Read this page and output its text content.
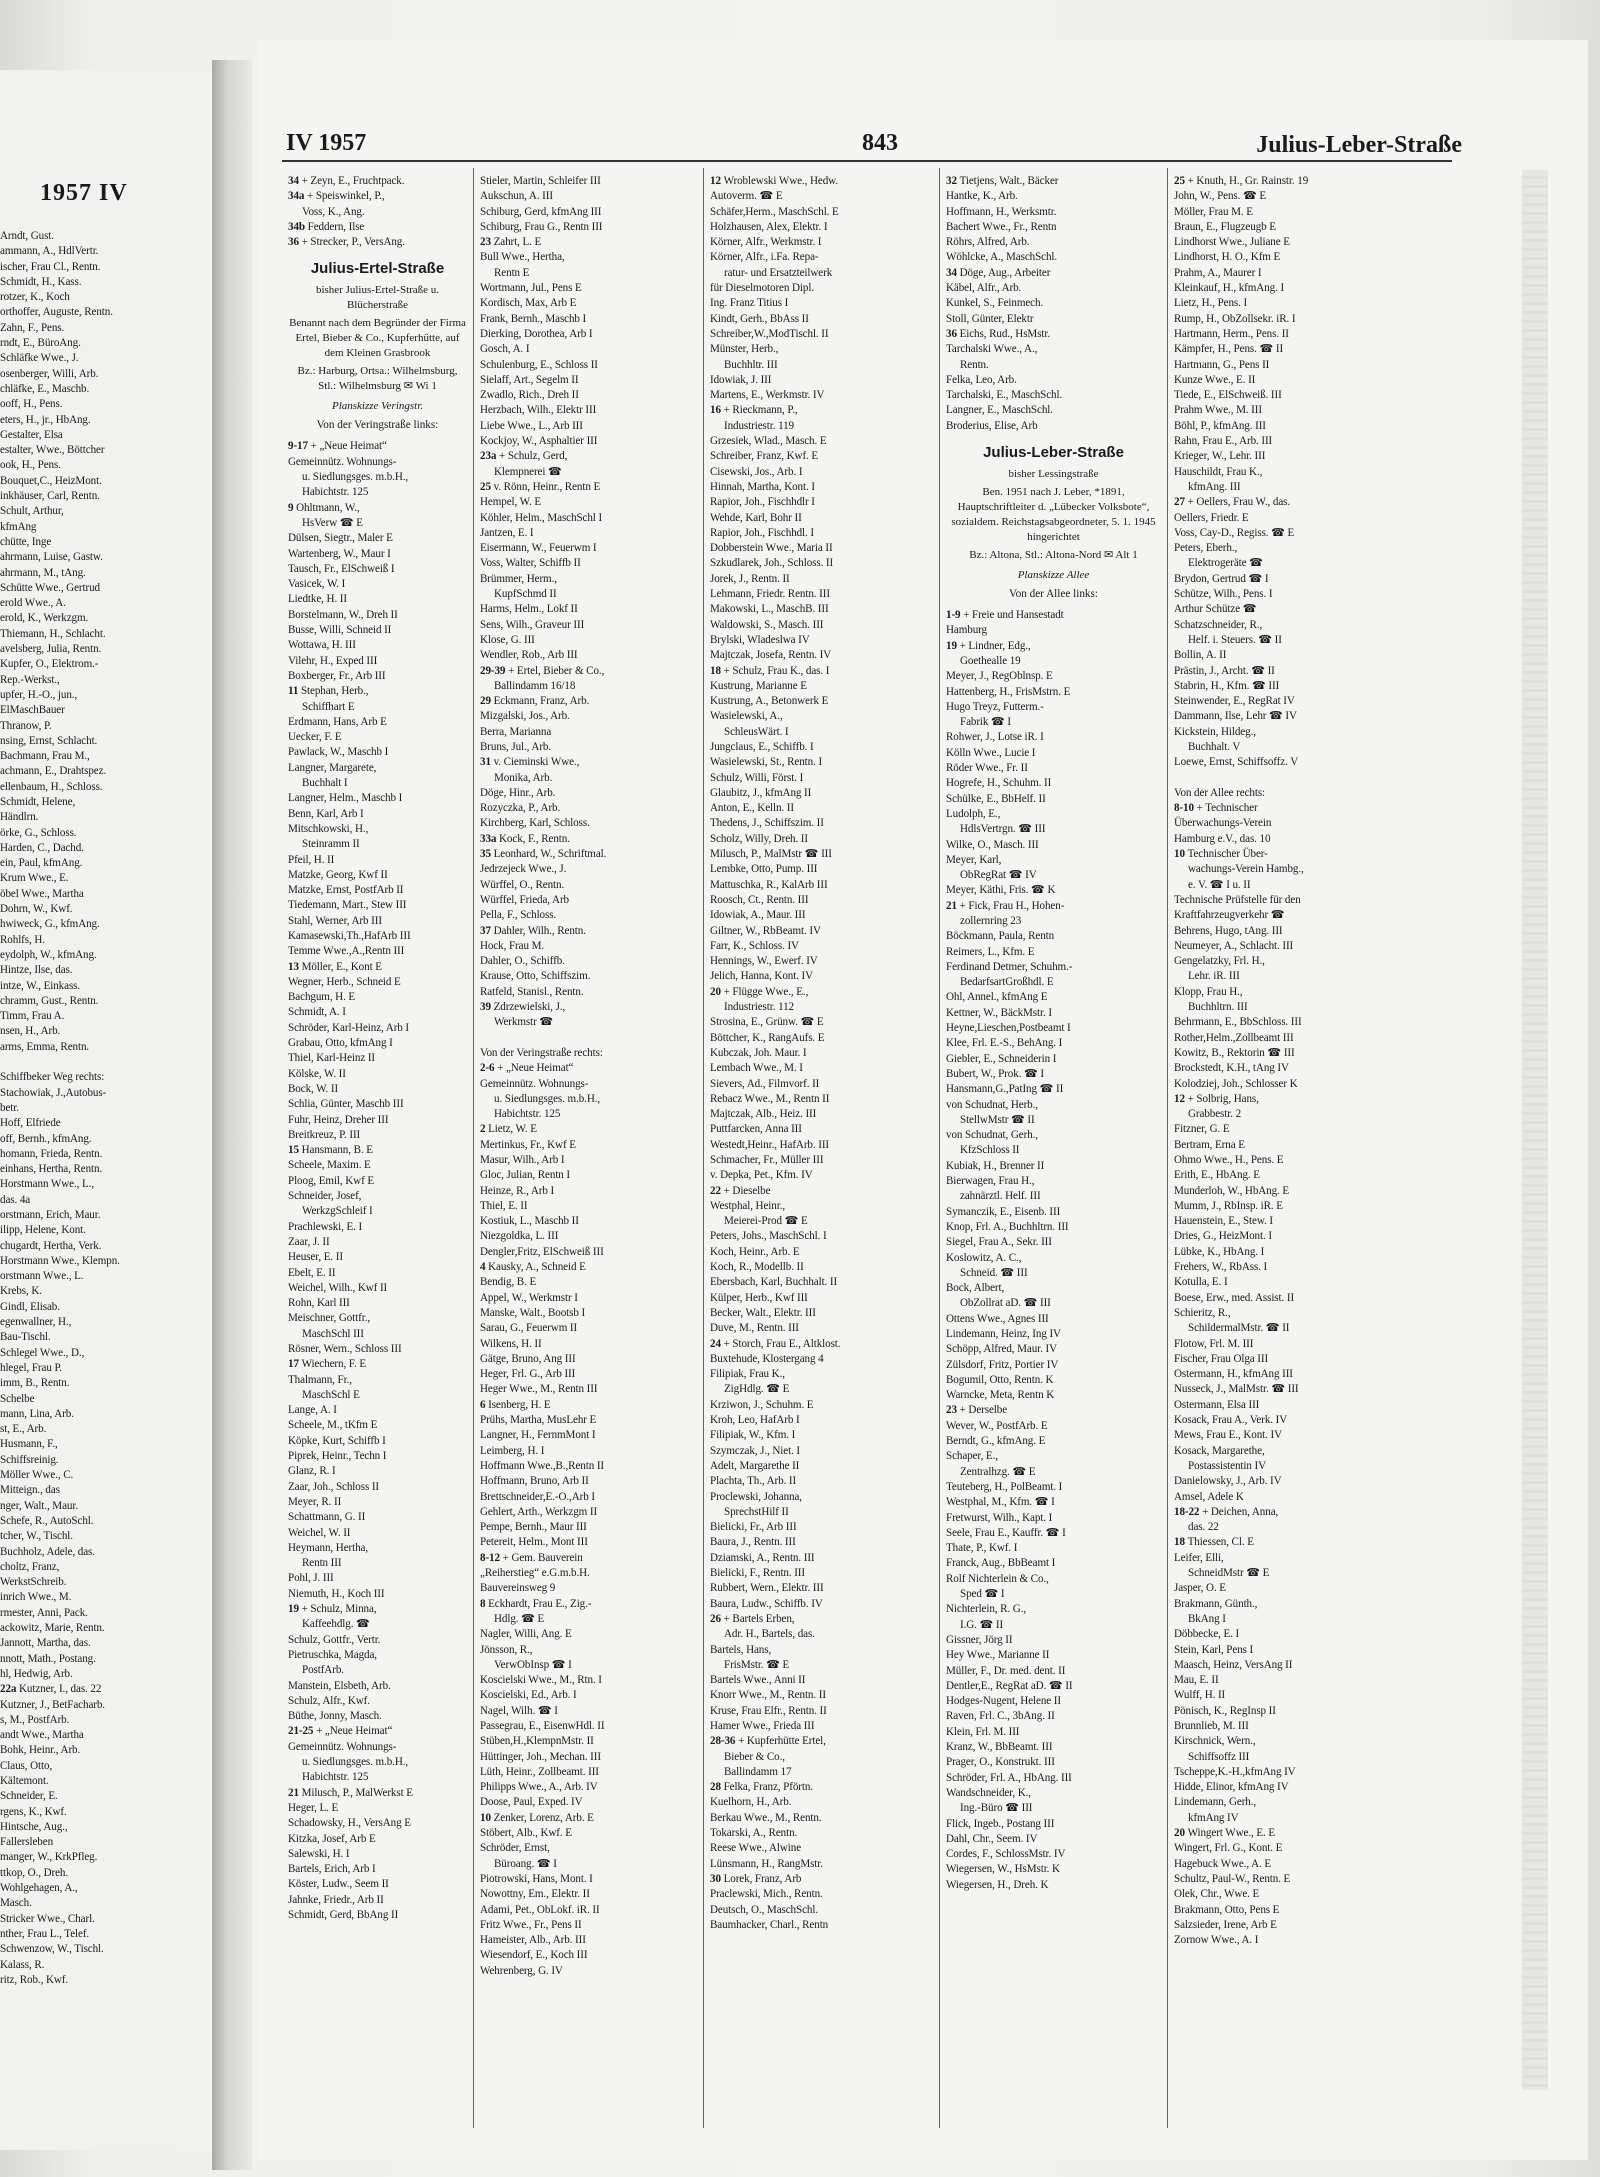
1957 IV
Arndt, Gust.
ammann, A., HdlVertr.
ischer, Frau Cl., Rentn.
Schmidt, H., Kass.
rotzer, K., Koch
orthoffer, Auguste, Rentn.
Zahn, F., Pens.
rndt, E., BüroAng.
Schläfke Wwe., J.
osenberger, Willi, Arb.
chläfke, E., Maschb.
ooff, H., Pens.
eters, H., jr., HbAng.
Gestalter, Elsa
estalter, Wwe., Böttcher
ook, H., Pens.
Bouquet,C., HeizMont.
inkhäuser, Carl, Rentn.
Schult, Arthur,
kfmAng
chütte, Inge
ahrmann, Luise, Gastw.
ahrmann, M., tAng.
Schütte Wwe., Gertrud
erold Wwe., A.
erold, K., Werkzgm.
Thiemann, H., Schlacht.
avelsberg, Julia, Rentn.
Kupfer, O., Elektrom.-
Rep.-Werkst.,
upfer, H.-O., jun.,
ElMaschBauer
Thranow, P.
nsing, Ernst, Schlacht.
Bachmann, Frau M.,
achmann, E., Drahtspez.
ellenbaum, H., Schloss.
Schmidt, Helene,
Händlrn.
örke, G., Schloss.
Harden, C., Dachd.
ein, Paul, kfmAng.
Krum Wwe., E.
öbel Wwe., Martha
Dohrn, W., Kwf.
hwiweck, G., kfmAng.
Rohlfs, H.
eydolph, W., kfmAng.
Hintze, Ilse, das.
intze, W., Einkass.
chramm, Gust., Rentn.
Timm, Frau A.
nsen, H., Arb.
arms, Emma, Rentn.

Schiffbeker Weg rechts:
Stachowiak, J.,Autobus-
betr.
Hoff, Elfriede
off, Bernh., kfmAng.
homann, Frieda, Rentn.
einhans, Hertha, Rentn.
Horstmann Wwe., L.,
das. 4a
orstmann, Erich, Maur.
ilipp, Helene, Kont.
chugardt, Hertha, Verk.
Horstmann Wwe., Klempn.
orstmann Wwe., L.
Krebs, K.
Gindl, Elisab.
egenwallner, H.,
Bau-Tischl.
Schlegel Wwe., D.,
hlegel, Frau P.
imm, B., Rentn.
Schelbe
mann, Lina, Arb.
st, E., Arb.
Husmann, F.,
Schiffsreinig.
Möller Wwe., C.
Mitteign., das
nger, Walt., Maur.
Schefe, R., AutoSchl.
tcher, W., Tischl.
Buchholz, Adele, das.
choltz, Franz,
WerkstSchreib.
inrich Wwe., M.
rmester, Anni, Pack.
ackowitz, Marie, Rentn.
Jannott, Martha, das.
nnott, Math., Postang.
hl, Hedwig, Arb.
22a Kutzner, I., das. 22
Kutzner, J., BetFacharb.
s, M., PostfArb.
andt Wwe., Martha
Bohk, Heinr., Arb.
Claus, Otto,
Kältemont.
Schneider, E.
rgens, K., Kwf.
Hintsche, Aug.,
Fallersleben
manger, W., KrkPfleg.
ttkop, O., Dreh.
Wohlgehagen, A.,
Masch.
Stricker Wwe., Charl.
nther, Frau L., Telef.
Schwenzow, W., Tischl.
Kalass, R.
ritz, Rob., Kwf.
IV 1957	843	Julius-Leber-Straße
34 + Zeyn, E., Fruchtpack.
34a + Speiswinkel, P.,
Voss, K., Ang.
34b Feddern, Ilse
36 + Strecker, P., VersAng.
Julius-Ertel-Straße
bisher Julius-Ertel-Straße u. Blücherstraße
Benannt nach dem Begründer der Firma Ertel, Bieber & Co., Kupferhütte, auf dem Kleinen Grasbrook
Bz.: Harburg, Ortsa.: Wilhelmsburg, Stl.: Wilhelmsburg ✉ Wi 1
Planskizze Veringstr.
Von der Veringstraße links:
9-17 + „Neue Heimat“
Gemeinnütz. Wohnungs-
u. Siedlungsges. m.b.H.,
Habichtstr. 125
9 Ohltmann, W.,
HsVerw ☎ E
Dülsen, Siegtr., Maler E
Wartenberg, W., Maur I
Tausch, Fr., ElSchweiß I
Vasicek, W. I
Liedtke, H. II
Borstelmann, W., Dreh II
Busse, Willi, Schneid II
Wottawa, H. III
Vilehr, H., Exped III
Boxberger, Fr., Arb III
11 Stephan, Herb.,
Schiffhart E
Erdmann, Hans, Arb E
Uecker, F. E
Pawlack, W., Maschb I
Langner, Margarete,
Buchhalt I
Langner, Helm., Maschb I
Benn, Karl, Arb I
Mitschkowski, H.,
Steinramm II
Pfeil, H. II
Matzke, Georg, Kwf II
Matzke, Ernst, PostfArb II
Tiedemann, Mart., Stew III
Stahl, Werner, Arb III
Kamasewski,Th.,HafArb III
Temme Wwe.,A.,Rentn III
13 Möller, E., Kont E
Wegner, Herb., Schneid E
Bachgum, H. E
Schmidt, A. I
Schröder, Karl-Heinz, Arb I
Grabau, Otto, kfmAng I
Thiel, Karl-Heinz II
Kölske, W. II
Bock, W. II
Schlia, Günter, Maschb III
Fuhr, Heinz, Dreher III
Breitkreuz, P. III
15 Hansmann, B. E
Scheele, Maxim. E
Ploog, Emil, Kwf E
Schneider, Josef,
WerkzgSchleif I
Prachlewski, E. I
Zaar, J. II
Heuser, E. II
Ebelt, E. II
Weichel, Wilh., Kwf II
Rohn, Karl III
Meischner, Gottfr.,
MaschSchl III
Rösner, Wern., Schloss III
17 Wiechern, F. E
Thalmann, Fr.,
MaschSchl E
Lange, A. I
Scheele, M., tKfm E
Köpke, Kurt, Schiffb I
Piprek, Heinr., Techn I
Glanz, R. I
Zaar, Joh., Schloss II
Meyer, R. II
Schattmann, G. II
Weichel, W. II
Heymann, Hertha,
Rentn III
Pohl, J. III
Niemuth, H., Koch III
19 + Schulz, Minna,
Kaffeehdlg. ☎
Schulz, Gottfr., Vertr.
Pietruschka, Magda,
PostfArb.
Manstein, Elsbeth, Arb.
Schulz, Alfr., Kwf.
Büthe, Jonny, Masch.
21-25 + „Neue Heimat“
Gemeinnütz. Wohnungs-
u. Siedlungsges. m.b.H.,
Habichtstr. 125
21 Milusch, P., MalWerkst E
Heger, L. E
Schadowsky, H., VersAng E
Kitzka, Josef, Arb E
Salewski, H. I
Bartels, Erich, Arb I
Köster, Ludw., Seem II
Jahnke, Friedr., Arb II
Schmidt, Gerd, BbAng II
Stieler, Martin, Schleifer III
Aukschun, A. III
Schiburg, Gerd, kfmAng III
Schiburg, Frau G., Rentn III
23 Zahrt, L. E
Bull Wwe., Hertha,
Rentn E
Wortmann, Jul., Pens E
Kordisch, Max, Arb E
Frank, Bernh., Maschb I
Dierking, Dorothea, Arb I
Gosch, A. I
Schulenburg, E., Schloss II
Sielaff, Art., Segelm II
Zwadlo, Rich., Dreh II
Herzbach, Wilh., Elektr III
Liebe Wwe., L., Arb III
Kockjoy, W., Asphaltier III
23a + Schulz, Gerd,
Klempnerei ☎
25 v. Rönn, Heinr., Rentn E
Hempel, W. E
Köhler, Helm., MaschSchl I
Jantzen, E. I
Eisermann, W., Feuerwm I
Voss, Walter, Schiffb II
Brümmer, Herm.,
KupfSchmd II
Harms, Helm., Lokf II
Sens, Wilh., Graveur III
Klose, G. III
Wendler, Rob., Arb III
29-39 + Ertel, Bieber & Co.,
Ballindamm 16/18
29 Eckmann, Franz, Arb.
Mizgalski, Jos., Arb.
Berra, Marianna
Bruns, Jul., Arb.
31 v. Cieminski Wwe.,
Monika, Arb.
Döge, Hinr., Arb.
Rozyczka, P., Arb.
Kirchberg, Karl, Schloss.
33a Kock, F., Rentn.
35 Leonhard, W., Schriftmal.
Jedrzejeck Wwe., J.
Würffel, O., Rentn.
Würffel, Frieda, Arb
Pella, F., Schloss.
37 Dahler, Wilh., Rentn.
Hock, Frau M.
Dahler, O., Schiffb.
Krause, Otto, Schiffszim.
Ratfeld, Stanisl., Rentn.
39 Zdrzewielski, J.,
Werkmstr ☎

Von der Veringstraße rechts:
2-6 + „Neue Heimat“
Gemeinnütz. Wohnungs-
u. Siedlungsges. m.b.H.,
Habichtstr. 125
2 Lietz, W. E
Mertinkus, Fr., Kwf E
Masur, Wilh., Arb I
Gloc, Julian, Rentn I
Heinze, R., Arb I
Thiel, E. II
Kostiuk, L., Maschb II
Niezgoldka, L. III
Dengler,Fritz, ElSchweiß III
4 Kausky, A., Schneid E
Bendig, B. E
Appel, W., Werkmstr I
Manske, Walt., Bootsb I
Sarau, G., Feuerwm II
Wilkens, H. II
Gätge, Bruno, Ang III
Heger, Frl. G., Arb III
Heger Wwe., M., Rentn III
6 Isenberg, H. E
Prühs, Martha, MusLehr E
Langner, H., FernmMont I
Leimberg, H. I
Hoffmann Wwe.,B.,Rentn II
Hoffmann, Bruno, Arb II
Brettschneider,E.-O.,Arb I
Gehlert, Arth., Werkzgm II
Pempe, Bernh., Maur III
Petereit, Helm., Mont III
8-12 + Gem. Bauverein
„Reiherstieg“ e.G.m.b.H.
Bauvereinsweg 9
8 Eckhardt, Frau E., Zig.-
Hdlg. ☎ E
Nagler, Willi, Ang. E
Jönsson, R.,
VerwObInsp ☎ I
Koscielski Wwe., M., Rtn. I
Koscielski, Ed., Arb. I
Nagel, Wilh. ☎ I
Passegrau, E., EisenwHdl. II
Stüben,H.,KlempnMstr. II
Hüttinger, Joh., Mechan. III
Lüth, Heinr., Zollbeamt. III
Philipps Wwe., A., Arb. IV
Doose, Paul, Exped. IV
10 Zenker, Lorenz, Arb. E
Stöbert, Alb., Kwf. E
Schröder, Ernst,
Büroang. ☎ I
Piotrowski, Hans, Mont. I
Nowottny, Em., Elektr. II
Adami, Pet., ObLokf. iR. II
Fritz Wwe., Fr., Pens II
Hameister, Alb., Arb. III
Wiesendorf, E., Koch III
Wehrenberg, G. IV
12 Wroblewski Wwe., Hedw.
Autoverm. ☎ E
Schäfer,Herm., MaschSchl. E
Holzhausen, Alex, Elektr. I
Körner, Alfr., Werkmstr. I
Körner, Alfr., i.Fa. Repa-
ratur- und Ersatzteilwerk
für Dieselmotoren Dipl.
Ing. Franz Titius I
Kindt, Gerh., BbAss II
Schreiber,W.,ModTischl. II
Münster, Herb.,
Buchhltr. III
Idowiak, J. III
Martens, E., Werkmstr. IV
16 + Rieckmann, P.,
Industriestr. 119
Grzesiek, Wlad., Masch. E
Schreiber, Franz, Kwf. E
Cisewski, Jos., Arb. I
Hinnah, Martha, Kont. I
Rapior, Joh., Fischhdlr I
Wehde, Karl, Bohr II
Rapior, Joh., Fischhdl. I
Dobberstein Wwe., Maria II
Szkudlarek, Joh., Schloss. II
Jorek, J., Rentn. II
Lehmann, Friedr. Rentn. III
Makowski, L., MaschB. III
Waldowski, S., Masch. III
Brylski, Wladeslwa IV
Majtczak, Josefa, Rentn. IV
18 + Schulz, Frau K., das. I
Kustrung, Marianne E
Kustrung, A., Betonwerk E
Wasielewski, A.,
SchleusWärt. I
Jungclaus, E., Schiffb. I
Wasielewski, St., Rentn. I
Schulz, Willi, Först. I
Glaubitz, J., kfmAng II
Anton, E., Kelln. II
Thedens, J., Schiffszim. II
Scholz, Willy, Dreh. II
Milusch, P., MalMstr ☎ III
Lembke, Otto, Pump. III
Mattuschka, R., KalArb III
Roosch, Ct., Rentn. III
Idowiak, A., Maur. III
Giltner, W., RbBeamt. IV
Farr, K., Schloss. IV
Hennings, W., Ewerf. IV
Jelich, Hanna, Kont. IV
20 + Flügge Wwe., E.,
Industriestr. 112
Strosina, E., Grünw. ☎ E
Böttcher, K., RangAufs. E
Kubczak, Joh. Maur. I
Lembach Wwe., M. I
Sievers, Ad., Filmvorf. II
Rebacz Wwe., M., Rentn II
Majtczak, Alb., Heiz. III
Puttfarcken, Anna III
Westedt,Heinr., HafArb. III
Schmacher, Fr., Müller III
v. Depka, Pet., Kfm. IV
22 + Dieselbe
Westphal, Heinr.,
Meierei-Prod ☎ E
Peters, Johs., MaschSchl. I
Koch, Heinr., Arb. E
Koch, R., Modellb. II
Ebersbach, Karl, Buchhalt. II
Külper, Herb., Kwf III
Becker, Walt., Elektr. III
Duve, M., Rentn. III
24 + Storch, Frau E., Altklost.
Buxtehude, Klostergang 4
Filipiak, Frau K.,
ZigHdlg. ☎ E
Krziwon, J., Schuhm. E
Kroh, Leo, HafArb I
Filipiak, W., Kfm. I
Szymczak, J., Niet. I
Adelt, Margarethe II
Plachta, Th., Arb. II
Proclewski, Johanna,
SprechstHilf II
Bielicki, Fr., Arb III
Baura, J., Rentn. III
Dziamski, A., Rentn. III
Bielicki, F., Rentn. III
Rubbert, Wern., Elektr. III
Baura, Ludw., Schiffb. IV
26 + Bartels Erben,
Adr. H., Bartels, das.
Bartels, Hans,
FrisMstr. ☎ E
Bartels Wwe., Anni II
Knorr Wwe., M., Rentn. II
Kruse, Frau Elfr., Rentn. II
Hamer Wwe., Frieda III
28-36 + Kupferhütte Ertel,
Bieber & Co.,
Ballindamm 17
28 Felka, Franz, Pförtn.
Kuelhorn, H., Arb.
Berkau Wwe., M., Rentn.
Tokarski, A., Rentn.
Reese Wwe., Alwine
Lünsmann, H., RangMstr.
30 Lorek, Franz, Arb
Praclewski, Mich., Rentn.
Deutsch, O., MaschSchl.
Baumhacker, Charl., Rentn
32 Tietjens, Walt., Bäcker
Hantke, K., Arb.
Hoffmann, H., Werksmtr.
Bachert Wwe., Fr., Rentn
Röhrs, Alfred, Arb.
Wöhlcke, A., MaschSchl.
34 Döge, Aug., Arbeiter
Käbel, Alfr., Arb.
Kunkel, S., Feinmech.
Stoll, Günter, Elektr
36 Eichs, Rud., HsMstr.
Tarchalski Wwe., A.,
Rentn.
Felka, Leo, Arb.
Tarchalski, E., MaschSchl.
Langner, E., MaschSchl.
Broderius, Elise, Arb
Julius-Leber-Straße
bisher Lessingstraße
Ben. 1951 nach J. Leber, *1891, Hauptschriftleiter d. „Lübecker Volksbote“, sozialdem. Reichstagsabgeordneter, 5. 1. 1945 hingerichtet
Bz.: Altona, Stl.: Altona-Nord ✉ Alt 1
Planskizze Allee
Von der Allee links:
1-9 + Freie und Hansestadt
Hamburg
19 + Lindner, Edg.,
Goethealle 19
Meyer, J., RegOblnsp. E
Hattenberg, H., FrisMstrn. E
Hugo Treyz, Futterm.-
Fabrik ☎ I
Rohwer, J., Lotse iR. I
Kölln Wwe., Lucie I
Röder Wwe., Fr. II
Hogrefe, H., Schuhm. II
Schülke, E., BbHelf. II
Ludolph, E.,
HdlsVertrgn. ☎ III
Wilke, O., Masch. III
Meyer, Karl,
ObRegRat ☎ IV
Meyer, Käthi, Fris. ☎ K
21 + Fick, Frau H., Hohen-
zollernring 23
Böckmann, Paula, Rentn
Reimers, L., Kfm. E
Ferdinand Detmer, Schuhm.-
BedarfsartGroßhdl. E
Ohl, Annel., kfmAng E
Kettner, W., BäckMstr. I
Heyne,Lieschen,Postbeamt I
Klee, Frl. E.-S., BehAng. I
Giebler, E., Schneiderin I
Bubert, W., Prok. ☎ I
Hansmann,G.,PatIng ☎ II
von Schudnat, Herb.,
StellwMstr ☎ II
von Schudnat, Gerh.,
KfzSchloss II
Kubiak, H., Brenner II
Bierwagen, Frau H.,
zahnärztl. Helf. III
Symanczik, E., Eisenb. III
Knop, Frl. A., Buchhltrn. III
Siegel, Frau A., Sekr. III
Koslowitz, A. C.,
Schneid. ☎ III
Bock, Albert,
ObZollrat aD. ☎ III
Ottens Wwe., Agnes III
Lindemann, Heinz, Ing IV
Schöpp, Alfred, Maur. IV
Zülsdorf, Fritz, Portier IV
Bogumil, Otto, Rentn. K
Warncke, Meta, Rentn K
23 + Derselbe
Wever, W., PostfArb. E
Berndt, G., kfmAng. E
Schaper, E.,
Zentralhzg. ☎ E
Teuteberg, H., PolBeamt. I
Westphal, M., Kfm. ☎ I
Fretwurst, Wilh., Kapt. I
Seele, Frau E., Kauffr. ☎ I
Thate, P., Kwf. I
Franck, Aug., BbBeamt I
Rolf Nichterlein & Co.,
Sped ☎ I
Nichterlein, R. G.,
I.G. ☎ II
Gissner, Jörg II
Hey Wwe., Marianne II
Müller, F., Dr. med. dent. II
Dentler,E., RegRat aD. ☎ II
Hodges-Nugent, Helene II
Raven, Frl. C., 3bAng. II
Klein, Frl. M. III
Kranz, W., BbBeamt. III
Prager, O., Konstrukt. III
Schröder, Frl. A., HbAng. III
Wandschneider, K.,
Ing.-Büro ☎ III
Flick, Ingeb., Postang III
Dahl, Chr., Seem. IV
Cordes, F., SchlossMstr. IV
Wiegersen, W., HsMstr. K
Wiegersen, H., Dreh. K
25 + Knuth, H., Gr. Rainstr. 19
John, W., Pens. ☎ E
Möller, Frau M. E
Braun, E., Flugzeugb E
Lindhorst Wwe., Juliane E
Lindhorst, H. O., Kfm E
Prahm, A., Maurer I
Kleinkauf, H., kfmAng. I
Lietz, H., Pens. I
Rump, H., ObZollsekr. iR. I
Hartmann, Herm., Pens. II
Kämpfer, H., Pens. ☎ II
Hartmann, G., Pens II
Kunze Wwe., E. II
Tiede, E., ElSchweiß. III
Prahm Wwe., M. III
Böhl, P., kfmAng. III
Rahn, Frau E., Arb. III
Krieger, W., Lehr. III
Hauschildt, Frau K.,
kfmAng. III
27 + Oellers, Frau W., das.
Oellers, Friedr. E
Voss, Cay-D., Regiss. ☎ E
Peters, Eberh.,
Elektrogeräte ☎
Brydon, Gertrud ☎ I
Schütze, Wilh., Pens. I
Arthur Schütze ☎
Schatzschneider, R.,
Helf. i. Steuers. ☎ II
Bollin, A. II
Prästin, J., Archt. ☎ II
Stabrin, H., Kfm. ☎ III
Steinwender, E., RegRat IV
Dammann, Ilse, Lehr ☎ IV
Kickstein, Hildeg.,
Buchhalt. V
Loewe, Ernst, Schiffsoffz. V

Von der Allee rechts:
8-10 + Technischer
Überwachungs-Verein
Hamburg e.V., das. 10
10 Technischer Über-
wachungs-Verein Hambg.,
e. V. ☎ I u. II
Technische Prüfstelle für den
Kraftfahrzeugverkehr ☎
Behrens, Hugo, tAng. III
Neumeyer, A., Schlacht. III
Gengelatzky, Frl. H.,
Lehr. iR. III
Klopp, Frau H.,
Buchhltrn. III
Behrmann, E., BbSchloss. III
Rother,Helm.,Zollbeamt III
Kowitz, B., Rektorin ☎ III
Brockstedt, K.H., tAng IV
Kolodziej, Joh., Schlosser K
12 + Solbrig, Hans,
Grabbestr. 2
Fitzner, G. E
Bertram, Erna E
Ohmo Wwe., H., Pens. E
Erith, E., HbAng. E
Munderloh, W., HbAng. E
Mumm, J., RbInsp. iR. E
Hauenstein, E., Stew. I
Dries, G., HeizMont. I
Lübke, K., HbAng. I
Frehers, W., RbAss. I
Kotulla, E. I
Boese, Erw., med. Assist. II
Schieritz, R.,
SchildermalMstr. ☎ II
Flotow, Frl. M. III
Fischer, Frau Olga III
Ostermann, H., kfmAng III
Nusseck, J., MalMstr. ☎ III
Ostermann, Elsa III
Kosack, Frau A., Verk. IV
Mews, Frau E., Kont. IV
Kosack, Margarethe,
Postassistentin IV
Danielowsky, J., Arb. IV
Amsel, Adele K
18-22 + Deichen, Anna,
das. 22
18 Thiessen, Cl. E
Leifer, Elli,
SchneidMstr ☎ E
Jasper, O. E
Brakmann, Günth.,
BkAng I
Döbbecke, E. I
Stein, Karl, Pens I
Maasch, Heinz, VersAng II
Mau, E. II
Wulff, H. II
Pönisch, K., RegInsp II
Brunnlieb, M. III
Kirschnick, Wern.,
Schiffsoffz III
Tscheppe,K.-H.,kfmAng IV
Hidde, Elinor, kfmAng IV
Lindemann, Gerh.,
kfmAng IV
20 Wingert Wwe., E. E
Wingert, Frl. G., Kont. E
Hagebuck Wwe., A. E
Schultz, Paul-W., Rentn. E
Olek, Chr., Wwe. E
Brakmann, Otto, Pens E
Salzsieder, Irene, Arb E
Zornow Wwe., A. I
